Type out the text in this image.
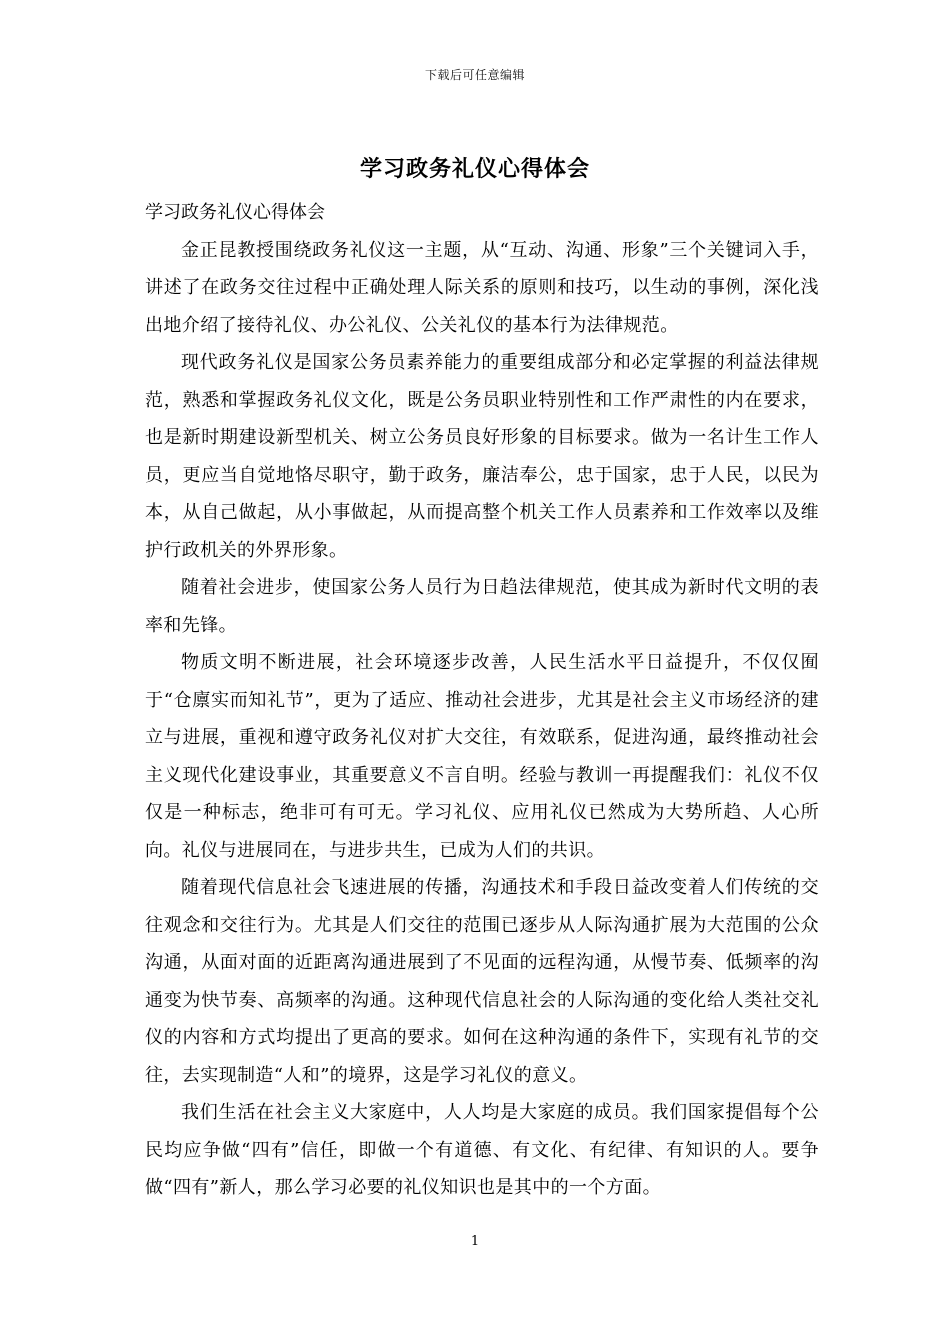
下载后可任意编辑
学习政务礼仪心得体会

学习政务礼仪心得体会

金正昆教授围绕政务礼仪这一主题，从“互动、沟通、形象”三个关键词入手，讲述了在政务交往过程中正确处理人际关系的原则和技巧，以生动的事例，深化浅出地介绍了接待礼仪、办公礼仪、公关礼仪的基本行为法律规范。

现代政务礼仪是国家公务员素养能力的重要组成部分和必定掌握的利益法律规范，熟悉和掌握政务礼仪文化，既是公务员职业特别性和工作严肃性的内在要求，也是新时期建设新型机关、树立公务员良好形象的目标要求。做为一名计生工作人员，更应当自觉地恪尽职守，勤于政务，廉洁奉公，忠于国家，忠于人民，以民为本，从自己做起，从小事做起，从而提高整个机关工作人员素养和工作效率以及维护行政机关的外界形象。

随着社会进步，使国家公务人员行为日趋法律规范，使其成为新时代文明的表率和先锋。

物质文明不断进展，社会环境逐步改善，人民生活水平日益提升，不仅仅囿于“仓廪实而知礼节”，更为了适应、推动社会进步，尤其是社会主义市场经济的建立与进展，重视和遵守政务礼仪对扩大交往，有效联系，促进沟通，最终推动社会主义现代化建设事业，其重要意义不言自明。经验与教训一再提醒我们：礼仪不仅仅是一种标志，绝非可有可无。学习礼仪、应用礼仪已然成为大势所趋、人心所向。礼仪与进展同在，与进步共生，已成为人们的共识。

随着现代信息社会飞速进展的传播，沟通技术和手段日益改变着人们传统的交往观念和交往行为。尤其是人们交往的范围已逐步从人际沟通扩展为大范围的公众沟通，从面对面的近距离沟通进展到了不见面的远程沟通，从慢节奏、低频率的沟通变为快节奏、高频率的沟通。这种现代信息社会的人际沟通的变化给人类社交礼仪的内容和方式均提出了更高的要求。如何在这种沟通的条件下，实现有礼节的交往，去实现制造“人和”的境界，这是学习礼仪的意义。

我们生活在社会主义大家庭中，人人均是大家庭的成员。我们国家提倡每个公民均应争做“四有”信任，即做一个有道德、有文化、有纪律、有知识的人。要争做“四有”新人，那么学习必要的礼仪知识也是其中的一个方面。

1
